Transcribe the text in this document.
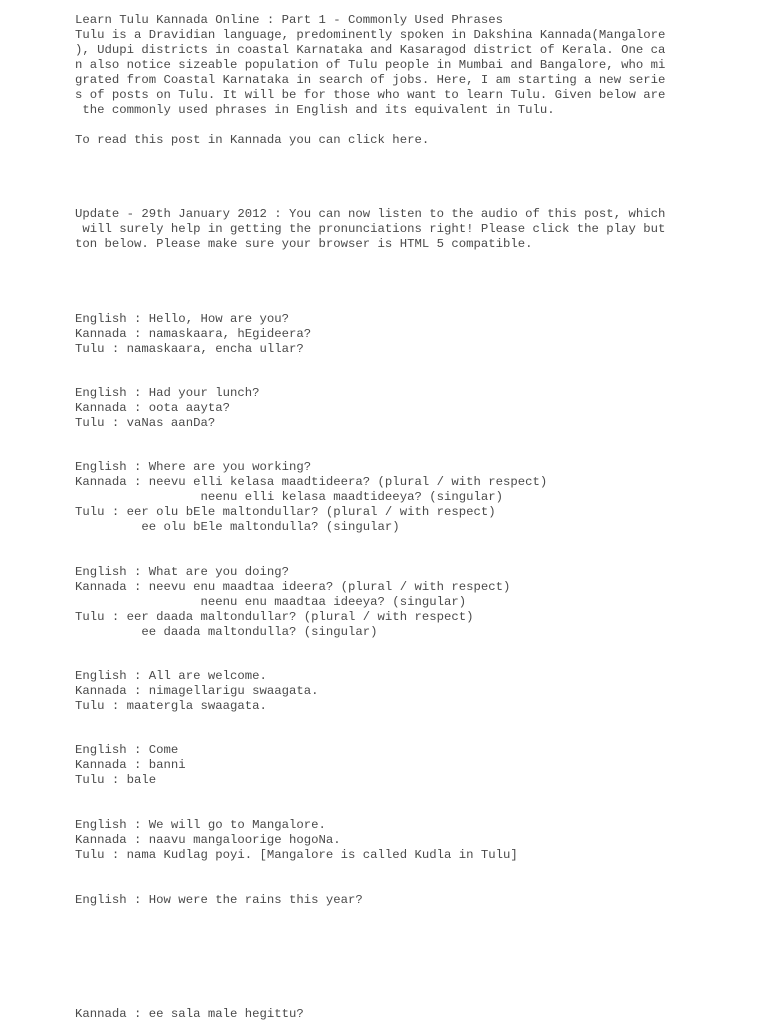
Learn Tulu Kannada Online : Part 1 - Commonly Used Phrases
Tulu is a Dravidian language, predominently spoken in Dakshina Kannada(Mangalore
), Udupi districts in coastal Karnataka and Kasaragod district of Kerala. One ca
n also notice sizeable population of Tulu people in Mumbai and Bangalore, who mi
grated from Coastal Karnataka in search of jobs. Here, I am starting a new serie
s of posts on Tulu. It will be for those who want to learn Tulu. Given below are
the commonly used phrases in English and its equivalent in Tulu.
To read this post in Kannada you can click here.
Update - 29th January 2012 : You can now listen to the audio of this post, which
will surely help in getting the pronunciations right! Please click the play but
ton below. Please make sure your browser is HTML 5 compatible.
English : Hello, How are you?
Kannada : namaskaara, hEgideera?
Tulu : namaskaara, encha ullar?
English : Had your lunch?
Kannada : oota aayta?
Tulu : vaNas aanDa?
English : Where are you working?
Kannada : neevu elli kelasa maadtideera? (plural / with respect)
neenu elli kelasa maadtideeya? (singular)
Tulu : eer olu bEle maltondullar? (plural / with respect)
ee olu bEle maltondulla? (singular)
English : What are you doing?
Kannada : neevu enu maadtaa ideera? (plural / with respect)
neenu enu maadtaa ideeya? (singular)
Tulu : eer daada maltondullar? (plural / with respect)
ee daada maltondulla? (singular)
English : All are welcome.
Kannada : nimagellarigu swaagata.
Tulu : maatergla swaagata.
English : Come
Kannada : banni
Tulu : bale
English : We will go to Mangalore.
Kannada : naavu mangaloorige hogoNa.
Tulu : nama Kudlag poyi. [Mangalore is called Kudla in Tulu]
English : How were the rains this year?
Kannada : ee sala male hegittu?
